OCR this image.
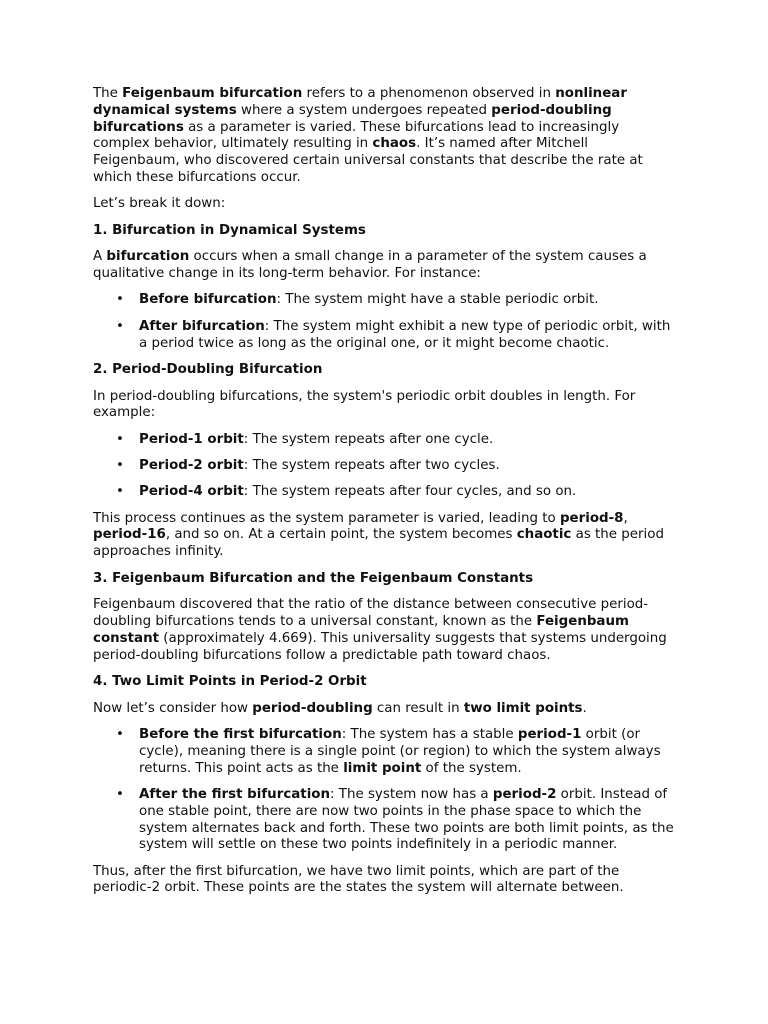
The Feigenbaum bifurcation refers to a phenomenon observed in nonlinear dynamical systems where a system undergoes repeated period-doubling bifurcations as a parameter is varied. These bifurcations lead to increasingly complex behavior, ultimately resulting in chaos. It’s named after Mitchell Feigenbaum, who discovered certain universal constants that describe the rate at which these bifurcations occur.

Let’s break it down:

1. Bifurcation in Dynamical Systems

A bifurcation occurs when a small change in a parameter of the system causes a qualitative change in its long-term behavior. For instance:

• Before bifurcation: The system might have a stable periodic orbit.
• After bifurcation: The system might exhibit a new type of periodic orbit, with a period twice as long as the original one, or it might become chaotic.
2. Period-Doubling Bifurcation

In period-doubling bifurcations, the system's periodic orbit doubles in length. For example:

• Period-1 orbit: The system repeats after one cycle.
• Period-2 orbit: The system repeats after two cycles.
• Period-4 orbit: The system repeats after four cycles, and so on.

This process continues as the system parameter is varied, leading to period-8, period-16, and so on. At a certain point, the system becomes chaotic as the period approaches infinity.

3. Feigenbaum Bifurcation and the Feigenbaum Constants

Feigenbaum discovered that the ratio of the distance between consecutive period-doubling bifurcations tends to a universal constant, known as the Feigenbaum constant (approximately 4.669). This universality suggests that systems undergoing period-doubling bifurcations follow a predictable path toward chaos.

4. Two Limit Points in Period-2 Orbit

Now let’s consider how period-doubling can result in two limit points.

• Before the first bifurcation: The system has a stable period-1 orbit (or cycle), meaning there is a single point (or region) to which the system always returns. This point acts as the limit point of the system.
• After the first bifurcation: The system now has a period-2 orbit. Instead of one stable point, there are now two points in the phase space to which the system alternates back and forth. These two points are both limit points, as the system will settle on these two points indefinitely in a periodic manner.

Thus, after the first bifurcation, we have two limit points, which are part of the periodic-2 orbit. These points are the states the system will alternate between.
